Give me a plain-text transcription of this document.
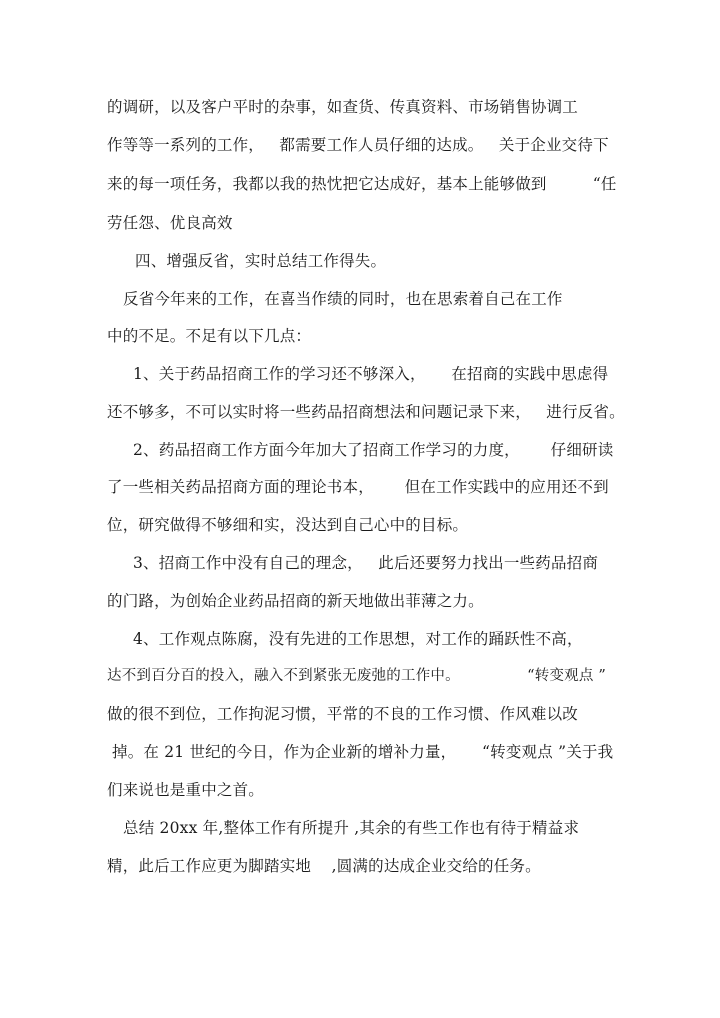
的调研，以及客户平时的杂事，如查货、传真资料、市场销售协调工
作等等一系列的工作，   都需要工作人员仔细的达成。   关于企业交待下
来的每一项任务，我都以我的热忱把它达成好，基本上能够做到         “任
劳任怨、优良高效
四、增强反省，实时总结工作得失。
反省今年来的工作，在喜当作绩的同时，也在思索着自己在工作
中的不足。不足有以下几点：
1、关于药品招商工作的学习还不够深入，     在招商的实践中思虑得
还不够多，不可以实时将一些药品招商想法和问题记录下来，   进行反省。
2、药品招商工作方面今年加大了招商工作学习的力度，      仔细研读
了一些相关药品招商方面的理论书本，      但在工作实践中的应用还不到
位，研究做得不够细和实，没达到自己心中的目标。
3、招商工作中没有自己的理念，   此后还要努力找出一些药品招商
的门路，为创始企业药品招商的新天地做出菲薄之力。
4、工作观点陈腐，没有先进的工作思想，对工作的踊跃性不高，
达不到百分百的投入，融入不到紧张无废弛的工作中。              “转变观点 ”
做的很不到位，工作拘泥习惯，平常的不良的工作习惯、作风难以改
掉。在 21 世纪的今日，作为企业新的增补力量，     “转变观点 ”关于我
们来说也是重中之首。
总结 20xx 年,整体工作有所提升 ,其余的有些工作也有待于精益求
精，此后工作应更为脚踏实地    ,圆满的达成企业交给的任务。
